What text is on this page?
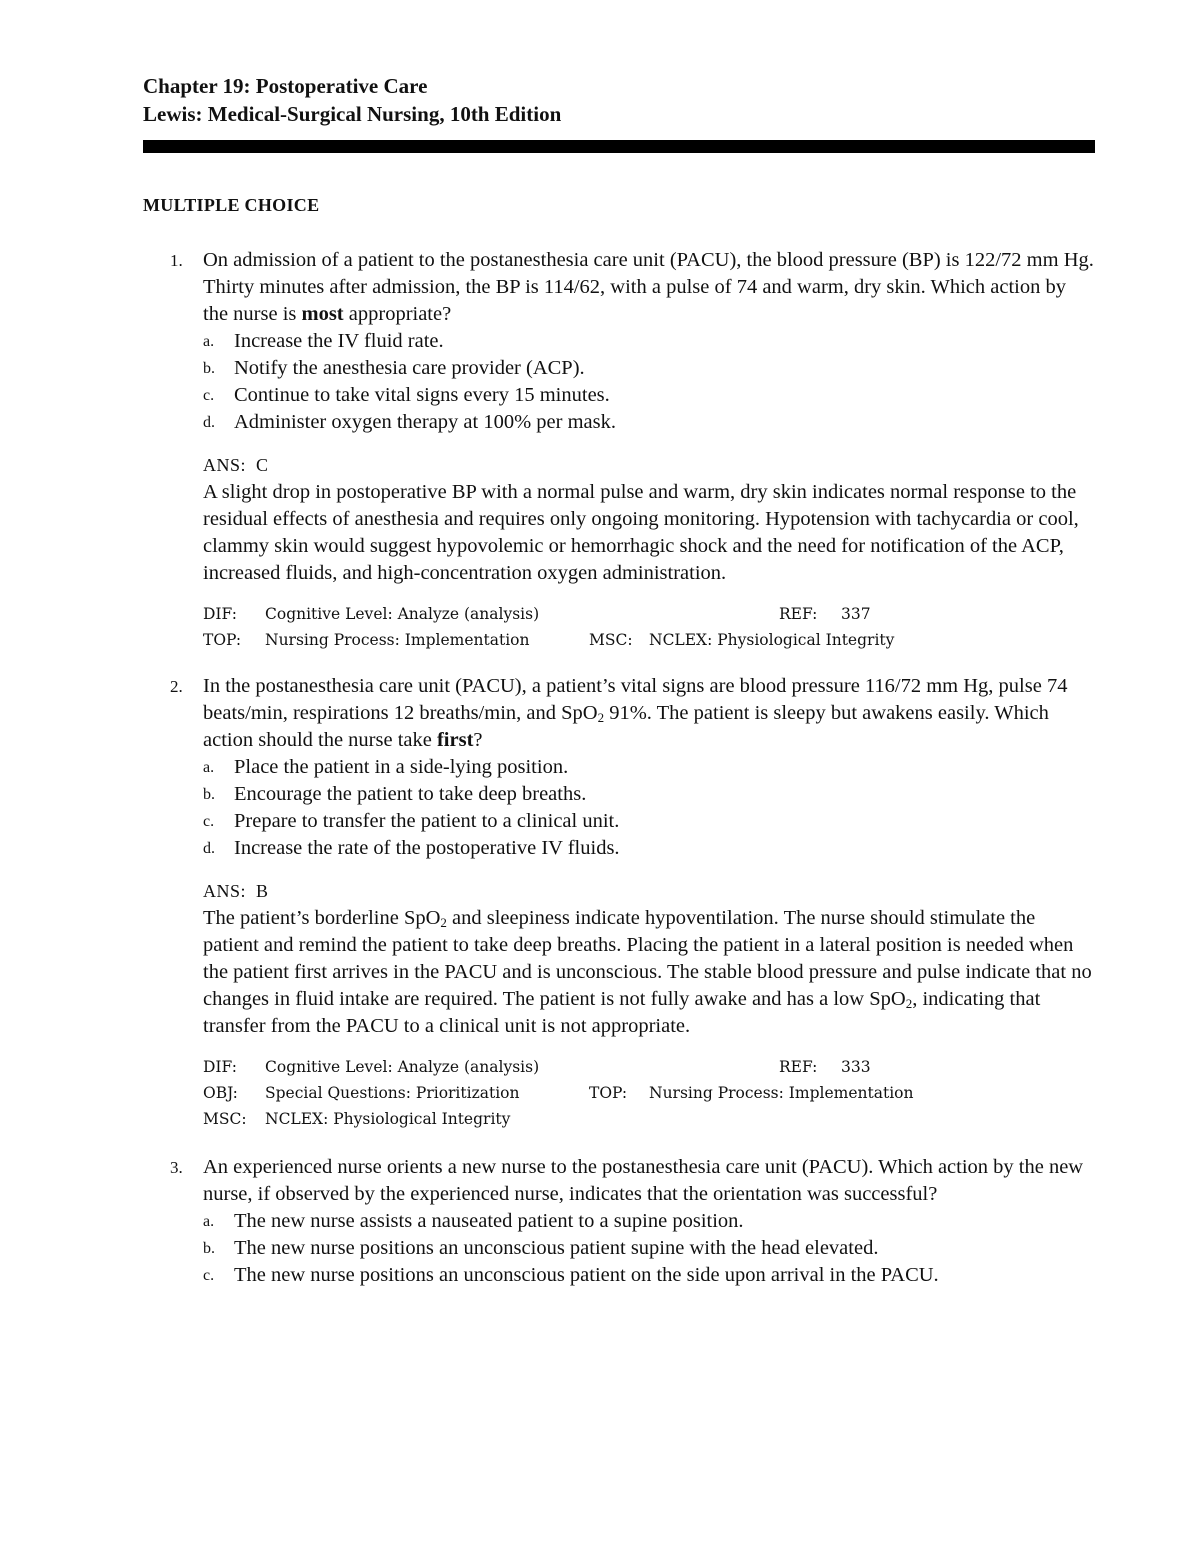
Chapter 19: Postoperative Care
Lewis: Medical-Surgical Nursing, 10th Edition
MULTIPLE CHOICE
1. On admission of a patient to the postanesthesia care unit (PACU), the blood pressure (BP) is 122/72 mm Hg. Thirty minutes after admission, the BP is 114/62, with a pulse of 74 and warm, dry skin. Which action by the nurse is most appropriate?

a. Increase the IV fluid rate.
b. Notify the anesthesia care provider (ACP).
c. Continue to take vital signs every 15 minutes.
d. Administer oxygen therapy at 100% per mask.
ANS: C

A slight drop in postoperative BP with a normal pulse and warm, dry skin indicates normal response to the residual effects of anesthesia and requires only ongoing monitoring. Hypotension with tachycardia or cool, clammy skin would suggest hypovolemic or hemorrhagic shock and the need for notification of the ACP, increased fluids, and high-concentration oxygen administration.

DIF: Cognitive Level: Analyze (analysis)	REF: 337
TOP: Nursing Process: Implementation	MSC: NCLEX: Physiological Integrity
2. In the postanesthesia care unit (PACU), a patient’s vital signs are blood pressure 116/72 mm Hg, pulse 74 beats/min, respirations 12 breaths/min, and SpO$_2$ 91%. The patient is sleepy but awakens easily. Which action should the nurse take first?

a. Place the patient in a side-lying position.
b. Encourage the patient to take deep breaths.
c. Prepare to transfer the patient to a clinical unit.
d. Increase the rate of the postoperative IV fluids.
ANS: B

The patient’s borderline SpO$_2$ and sleepiness indicate hypoventilation. The nurse should stimulate the patient and remind the patient to take deep breaths. Placing the patient in a lateral position is needed when the patient first arrives in the PACU and is unconscious. The stable blood pressure and pulse indicate that no changes in fluid intake are required. The patient is not fully awake and has a low SpO$_2$, indicating that transfer from the PACU to a clinical unit is not appropriate.

DIF: Cognitive Level: Analyze (analysis)	REF: 333
OBJ: Special Questions: Prioritization	TOP: Nursing Process: Implementation
MSC: NCLEX: Physiological Integrity
3. An experienced nurse orients a new nurse to the postanesthesia care unit (PACU). Which action by the new nurse, if observed by the experienced nurse, indicates that the orientation was successful?

a. The new nurse assists a nauseated patient to a supine position.
b. The new nurse positions an unconscious patient supine with the head elevated.
c. The new nurse positions an unconscious patient on the side upon arrival in the PACU.
